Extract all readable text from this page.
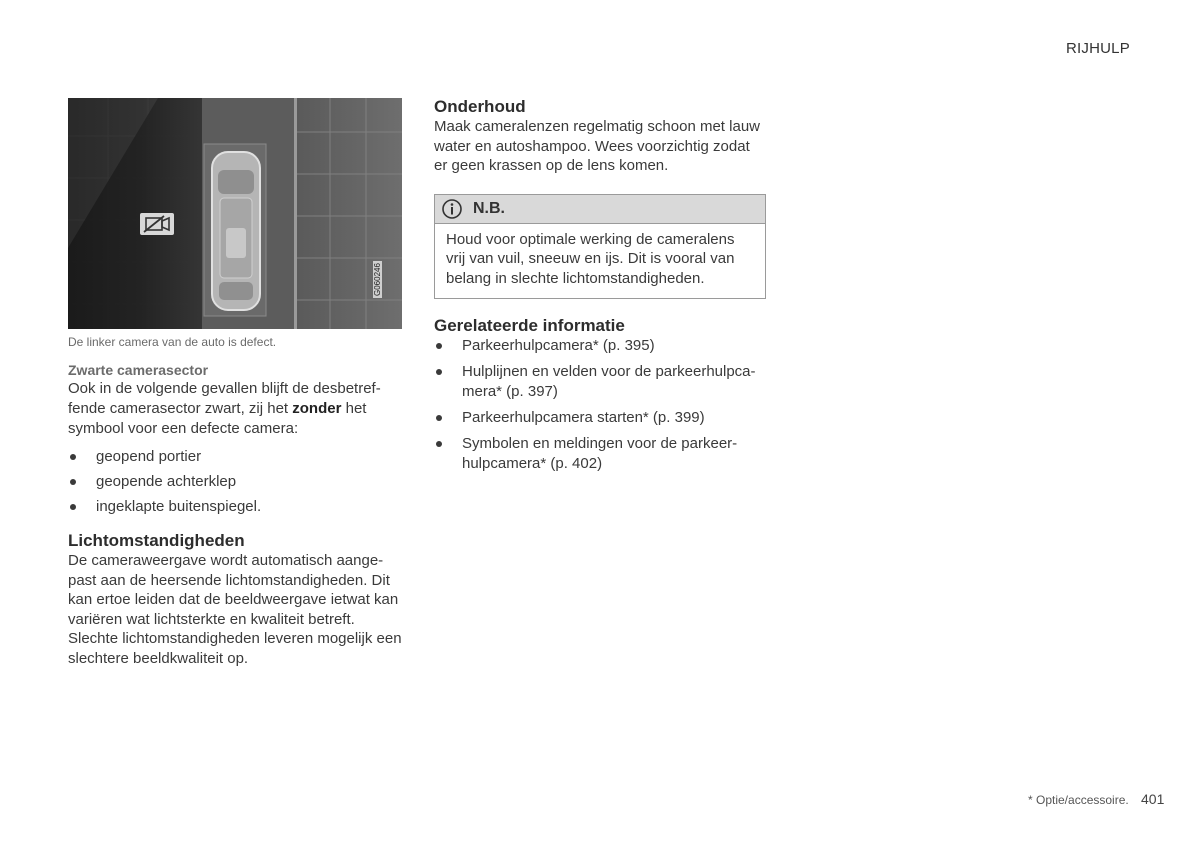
RIJHULP
G060246
De linker camera van de auto is defect.
Zwarte camerasector
Ook in de volgende gevallen blijft de desbetref-fende camerasector zwart, zij het zonder het symbool voor een defecte camera:
geopend portier
geopende achterklep
ingeklapte buitenspiegel.
Lichtomstandigheden
De cameraweergave wordt automatisch aange-past aan de heersende lichtomstandigheden. Dit kan ertoe leiden dat de beeldweergave ietwat kan variëren wat lichtsterkte en kwaliteit betreft. Slechte lichtomstandigheden leveren mogelijk een slechtere beeldkwaliteit op.
Onderhoud
Maak cameralenzen regelmatig schoon met lauw water en autoshampoo. Wees voorzichtig zodat er geen krassen op de lens komen.
N.B.
Houd voor optimale werking de cameralens vrij van vuil, sneeuw en ijs. Dit is vooral van belang in slechte lichtomstandigheden.
Gerelateerde informatie
Parkeerhulpcamera* (p. 395)
Hulplijnen en velden voor de parkeerhulpca-mera* (p. 397)
Parkeerhulpcamera starten* (p. 399)
Symbolen en meldingen voor de parkeer-hulpcamera* (p. 402)
* Optie/accessoire. 401
